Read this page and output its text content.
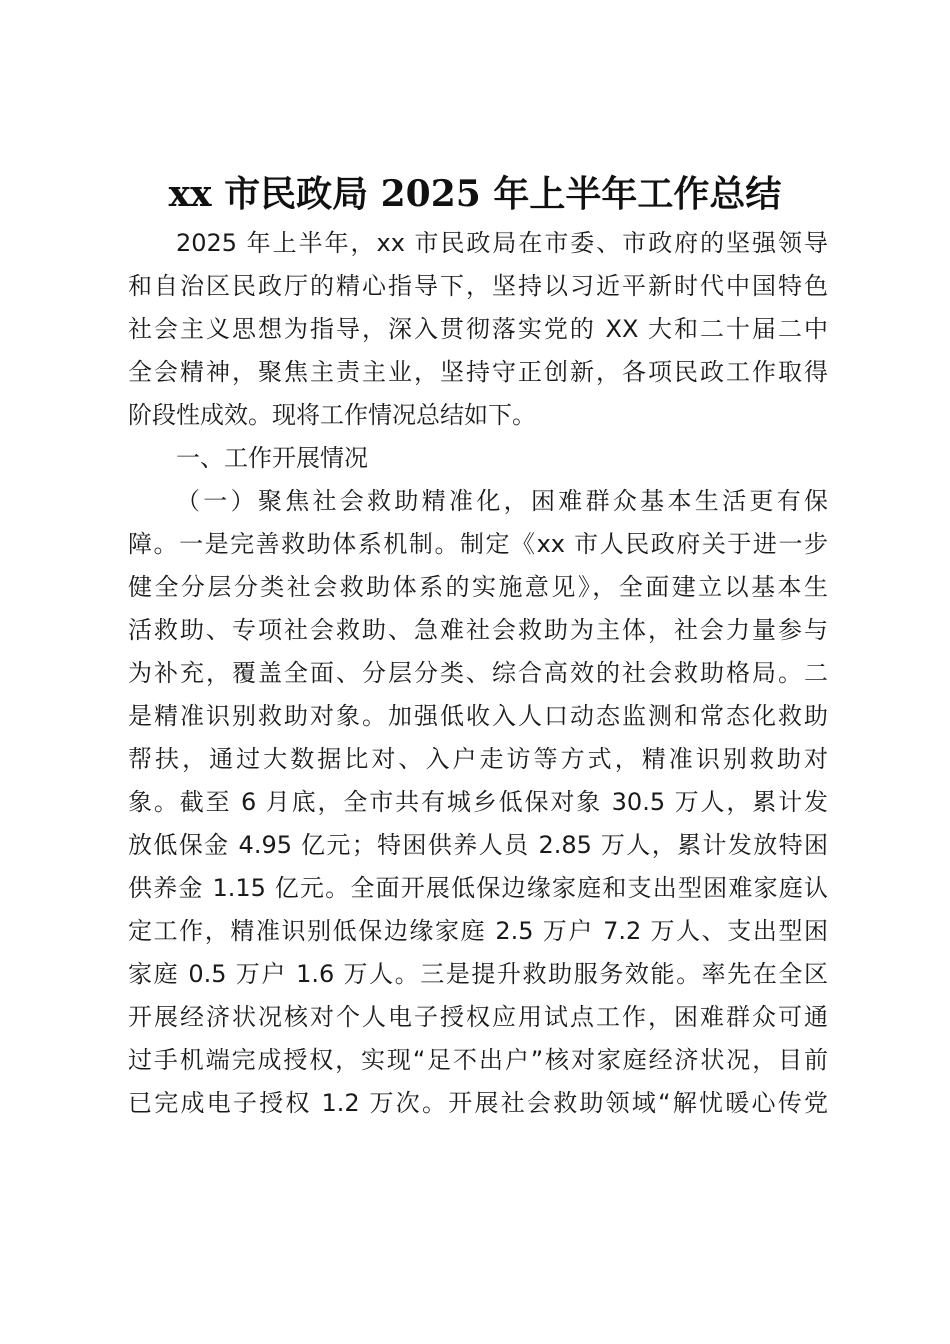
xx 市民政局 2025 年上半年工作总结
2025 年上半年，xx 市民政局在市委、市政府的坚强领导
和自治区民政厅的精心指导下，坚持以习近平新时代中国特色
社会主义思想为指导，深入贯彻落实党的 XX 大和二十届二中
全会精神，聚焦主责主业，坚持守正创新，各项民政工作取得
阶段性成效。现将工作情况总结如下。
一、工作开展情况
（一）聚焦社会救助精准化，困难群众基本生活更有保
障。一是完善救助体系机制。制定《xx 市人民政府关于进一步
健全分层分类社会救助体系的实施意见》，全面建立以基本生
活救助、专项社会救助、急难社会救助为主体，社会力量参与
为补充，覆盖全面、分层分类、综合高效的社会救助格局。二
是精准识别救助对象。加强低收入人口动态监测和常态化救助
帮扶，通过大数据比对、入户走访等方式，精准识别救助对
象。截至 6 月底，全市共有城乡低保对象 30.5 万人，累计发
放低保金 4.95 亿元；特困供养人员 2.85 万人，累计发放特困
供养金 1.15 亿元。全面开展低保边缘家庭和支出型困难家庭认
定工作，精准识别低保边缘家庭 2.5 万户 7.2 万人、支出型困
家庭 0.5 万户 1.6 万人。三是提升救助服务效能。率先在全区
开展经济状况核对个人电子授权应用试点工作，困难群众可通
过手机端完成授权，实现“足不出户”核对家庭经济状况，目前
已完成电子授权 1.2 万次。开展社会救助领域“解忧暖心传党
